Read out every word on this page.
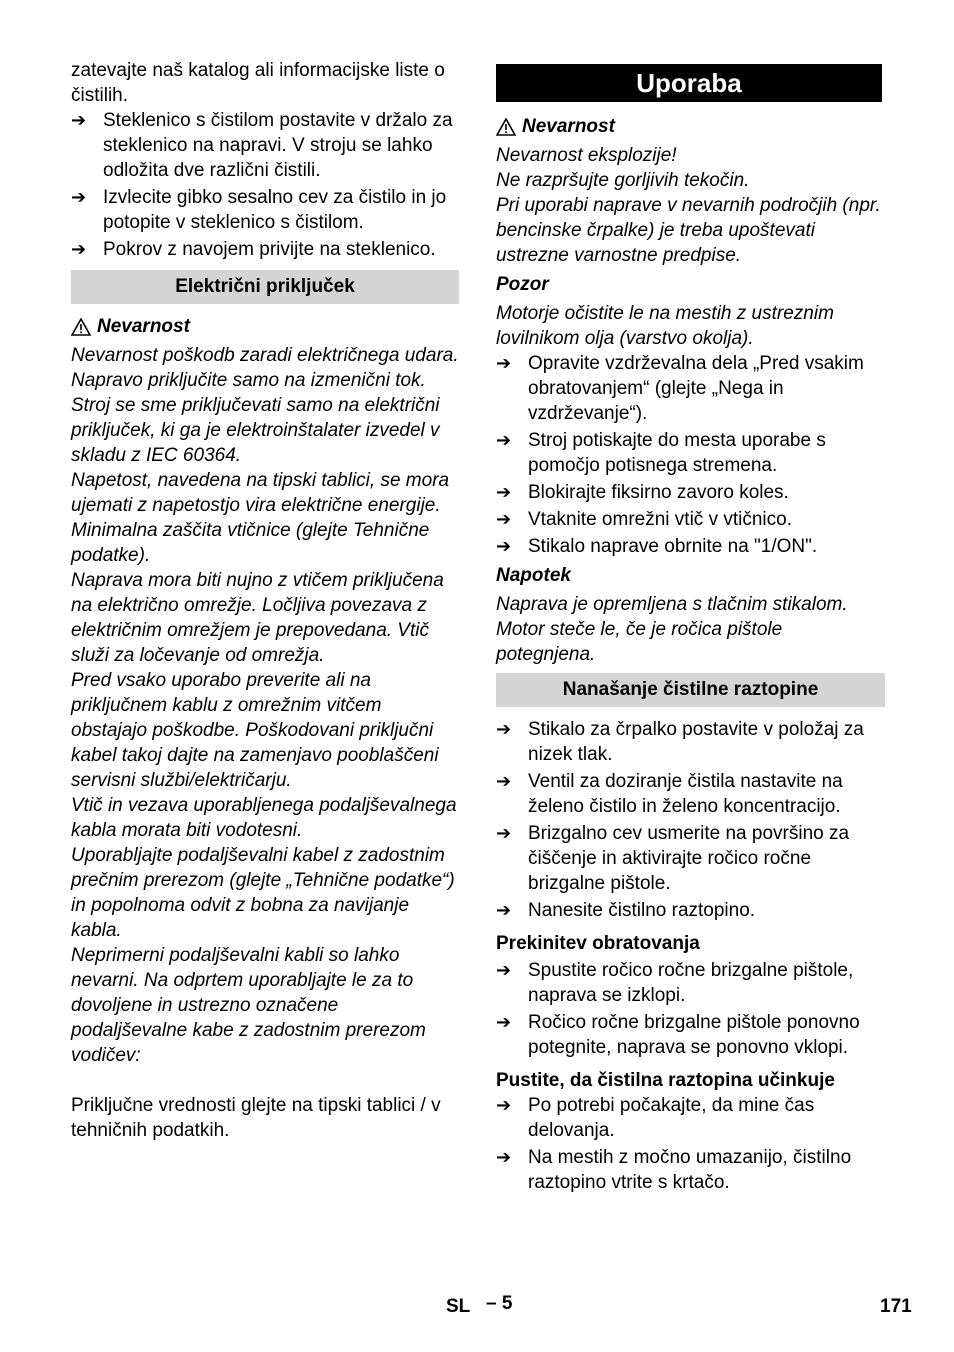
zatevajte naš katalog ali informacijske liste o čistilih.

➔ Steklenico s čistilom postavite v držalo za steklenico na napravi. V stroju se lahko odložita dve različni čistili.
➔ Izvlecite gibko sesalno cev za čistilo in jo potopite v steklenico s čistilom.
➔ Pokrov z navojem privijte na steklenico.
Električni priključek
Nevarnost

Nevarnost poškodb zaradi električnega udara.

Napravo priključite samo na izmenični tok.

Stroj se sme priključevati samo na električni priključek, ki ga je elektroinštalater izvedel v skladu z IEC 60364.

Napetost, navedena na tipski tablici, se mora ujemati z napetostjo vira električne energije.

Minimalna zaščita vtičnice (glejte Tehnične podatke).

Naprava mora biti nujno z vtičem priključena na električno omrežje. Ločljiva povezava z električnim omrežjem je prepovedana. Vtič služi za ločevanje od omrežja.

Pred vsako uporabo preverite ali na priključnem kablu z omrežnim vitčem obstajajo poškodbe. Poškodovani priključni kabel takoj dajte na zamenjavo pooblaščeni servisni službi/električarju.

Vtič in vezava uporabljenega podaljševalnega kabla morata biti vodotesni.

Uporabljajte podaljševalni kabel z zadostnim prečnim prerezom (glejte „Tehnične podatke“) in popolnoma odvit z bobna za navijanje kabla.

Neprimerni podaljševalni kabli so lahko nevarni. Na odprtem uporabljajte le za to dovoljene in ustrezno označene podaljševalne kabe z zadostnim prerezom vodičev:

Priključne vrednosti glejte na tipski tablici / v tehničnih podatkih.

Uporaba
Nevarnost

Nevarnost eksplozije!

Ne razpršujte gorljivih tekočin.

Pri uporabi naprave v nevarnih področjih (npr. bencinske črpalke) je treba upoštevati ustrezne varnostne predpise.

Pozor

Motorje očistite le na mestih z ustreznim lovilnikom olja (varstvo okolja).

➔ Opravite vzdrževalna dela „Pred vsakim obratovanjem“ (glejte „Nega in vzdrževanje“).
➔ Stroj potiskajte do mesta uporabe s pomočjo potisnega stremena.
➔ Blokirajte fiksirno zavoro koles.
➔ Vtaknite omrežni vtič v vtičnico.
➔ Stikalo naprave obrnite na "1/ON".

Napotek

Naprava je opremljena s tlačnim stikalom. Motor steče le, če je ročica pištole potegnjena.

Nanašanje čistilne raztopine
➔ Stikalo za črpalko postavite v položaj za nizek tlak.
➔ Ventil za doziranje čistila nastavite na želeno čistilo in želeno koncentracijo.
➔ Brizgalno cev usmerite na površino za čiščenje in aktivirajte ročico ročne brizgalne pištole.
➔ Nanesite čistilno raztopino.

Prekinitev obratovanja

➔ Spustite ročico ročne brizgalne pištole, naprava se izklopi.
➔ Ročico ročne brizgalne pištole ponovno potegnite, naprava se ponovno vklopi.

Pustite, da čistilna raztopina učinkuje

➔ Po potrebi počakajte, da mine čas delovanja.
➔ Na mestih z močno umazanijo, čistilno raztopino vtrite s krtačo.
SL – 5	171
